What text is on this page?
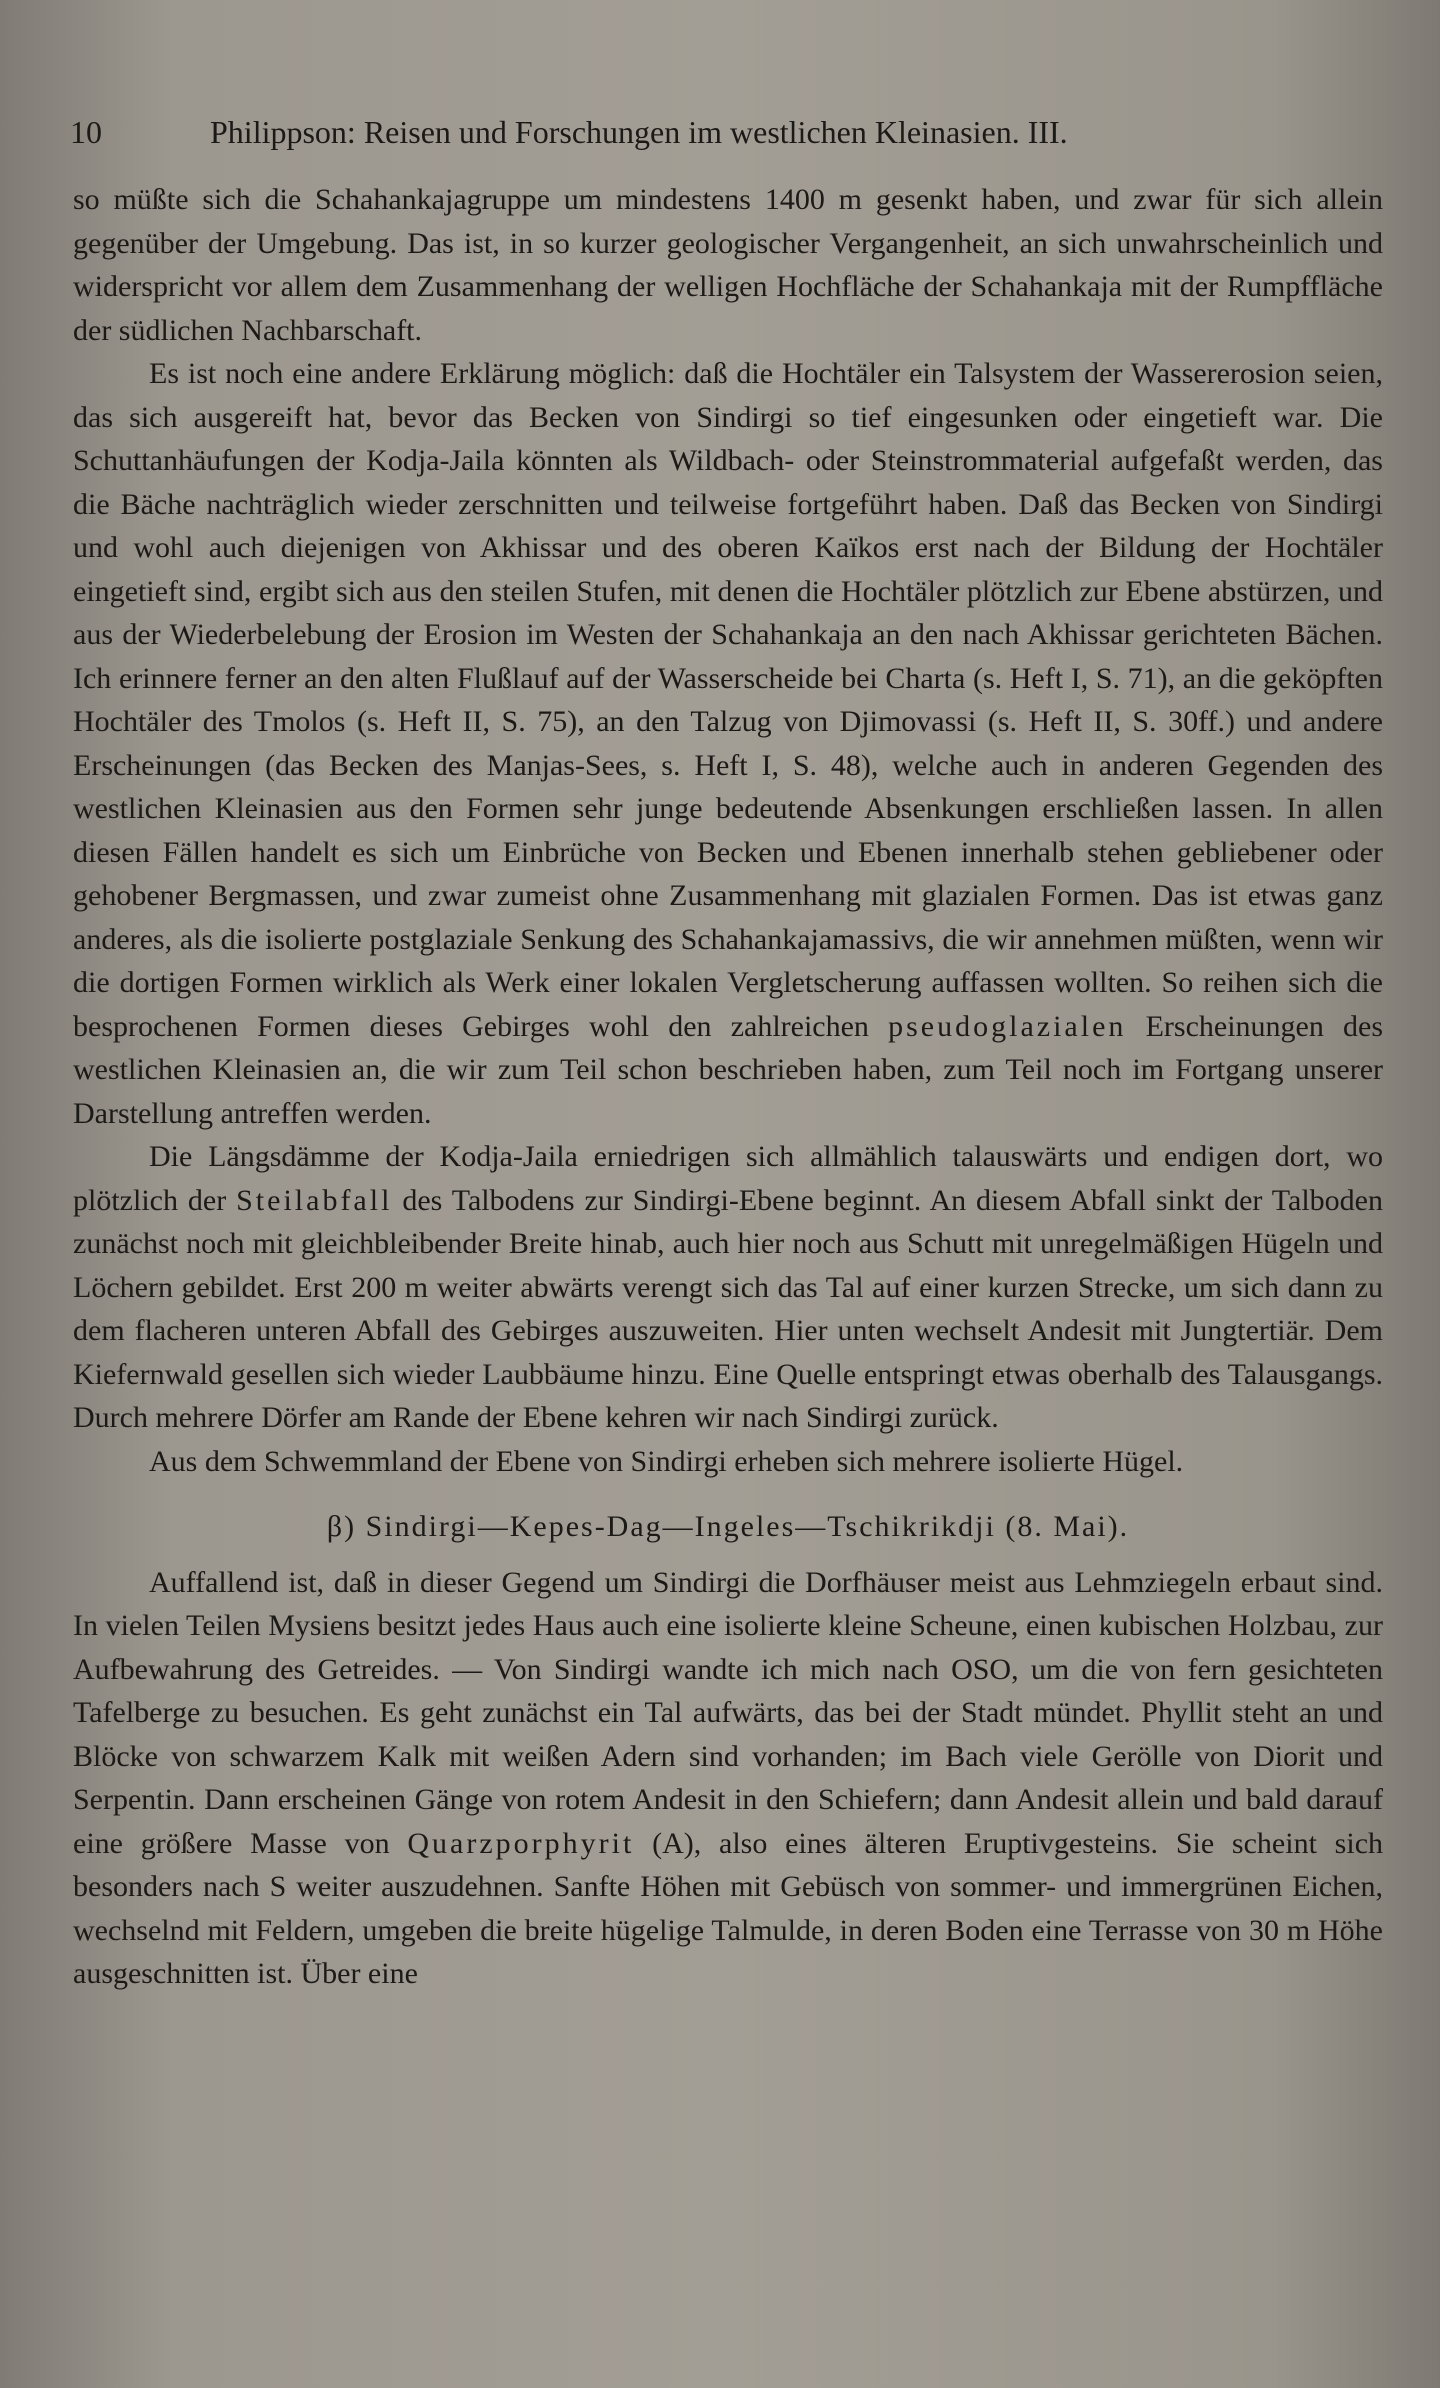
10	Philippson: Reisen und Forschungen im westlichen Kleinasien. III.

so müßte sich die Schahankajagruppe um mindestens 1400 m gesenkt haben, und zwar für sich allein gegenüber der Umgebung. Das ist, in so kurzer geologischer Vergangenheit, an sich unwahrscheinlich und widerspricht vor allem dem Zusammenhang der welligen Hochfläche der Schahankaja mit der Rumpffläche der südlichen Nachbarschaft.

Es ist noch eine andere Erklärung möglich: daß die Hochtäler ein Talsystem der Wassererosion seien, das sich ausgereift hat, bevor das Becken von Sindirgi so tief eingesunken oder eingetieft war. Die Schuttanhäufungen der Kodja-Jaila könnten als Wildbach- oder Steinstrommaterial aufgefaßt werden, das die Bäche nachträglich wieder zerschnitten und teilweise fortgeführt haben. Daß das Becken von Sindirgi und wohl auch diejenigen von Akhissar und des oberen Kaïkos erst nach der Bildung der Hochtäler eingetieft sind, ergibt sich aus den steilen Stufen, mit denen die Hochtäler plötzlich zur Ebene abstürzen, und aus der Wiederbelebung der Erosion im Westen der Schahankaja an den nach Akhissar gerichteten Bächen. Ich erinnere ferner an den alten Flußlauf auf der Wasserscheide bei Charta (s. Heft I, S. 71), an die geköpften Hochtäler des Tmolos (s. Heft II, S. 75), an den Talzug von Djimovassi (s. Heft II, S. 30ff.) und andere Erscheinungen (das Becken des Manjas-Sees, s. Heft I, S. 48), welche auch in anderen Gegenden des westlichen Kleinasien aus den Formen sehr junge bedeutende Absenkungen erschließen lassen. In allen diesen Fällen handelt es sich um Einbrüche von Becken und Ebenen innerhalb stehen gebliebener oder gehobener Bergmassen, und zwar zumeist ohne Zusammenhang mit glazialen Formen. Das ist etwas ganz anderes, als die isolierte postglaziale Senkung des Schahankajamassivs, die wir annehmen müßten, wenn wir die dortigen Formen wirklich als Werk einer lokalen Vergletscherung auffassen wollten. So reihen sich die besprochenen Formen dieses Gebirges wohl den zahlreichen pseudoglazialen Erscheinungen des westlichen Kleinasien an, die wir zum Teil schon beschrieben haben, zum Teil noch im Fortgang unserer Darstellung antreffen werden.

Die Längsdämme der Kodja-Jaila erniedrigen sich allmählich talauswärts und endigen dort, wo plötzlich der Steilabfall des Talbodens zur Sindirgi-Ebene beginnt. An diesem Abfall sinkt der Talboden zunächst noch mit gleichbleibender Breite hinab, auch hier noch aus Schutt mit unregelmäßigen Hügeln und Löchern gebildet. Erst 200 m weiter abwärts verengt sich das Tal auf einer kurzen Strecke, um sich dann zu dem flacheren unteren Abfall des Gebirges auszuweiten. Hier unten wechselt Andesit mit Jungtertiär. Dem Kiefernwald gesellen sich wieder Laubbäume hinzu. Eine Quelle entspringt etwas oberhalb des Talausgangs. Durch mehrere Dörfer am Rande der Ebene kehren wir nach Sindirgi zurück.

Aus dem Schwemmland der Ebene von Sindirgi erheben sich mehrere isolierte Hügel.

β) Sindirgi—Kepes-Dag—Ingeles—Tschikrikdji (8. Mai).

Auffallend ist, daß in dieser Gegend um Sindirgi die Dorfhäuser meist aus Lehmziegeln erbaut sind. In vielen Teilen Mysiens besitzt jedes Haus auch eine isolierte kleine Scheune, einen kubischen Holzbau, zur Aufbewahrung des Getreides. — Von Sindirgi wandte ich mich nach OSO, um die von fern gesichteten Tafelberge zu besuchen. Es geht zunächst ein Tal aufwärts, das bei der Stadt mündet. Phyllit steht an und Blöcke von schwarzem Kalk mit weißen Adern sind vorhanden; im Bach viele Gerölle von Diorit und Serpentin. Dann erscheinen Gänge von rotem Andesit in den Schiefern; dann Andesit allein und bald darauf eine größere Masse von Quarzporphyrit (A), also eines älteren Eruptivgesteins. Sie scheint sich besonders nach S weiter auszudehnen. Sanfte Höhen mit Gebüsch von sommer- und immergrünen Eichen, wechselnd mit Feldern, umgeben die breite hügelige Talmulde, in deren Boden eine Terrasse von 30 m Höhe ausgeschnitten ist. Über eine
